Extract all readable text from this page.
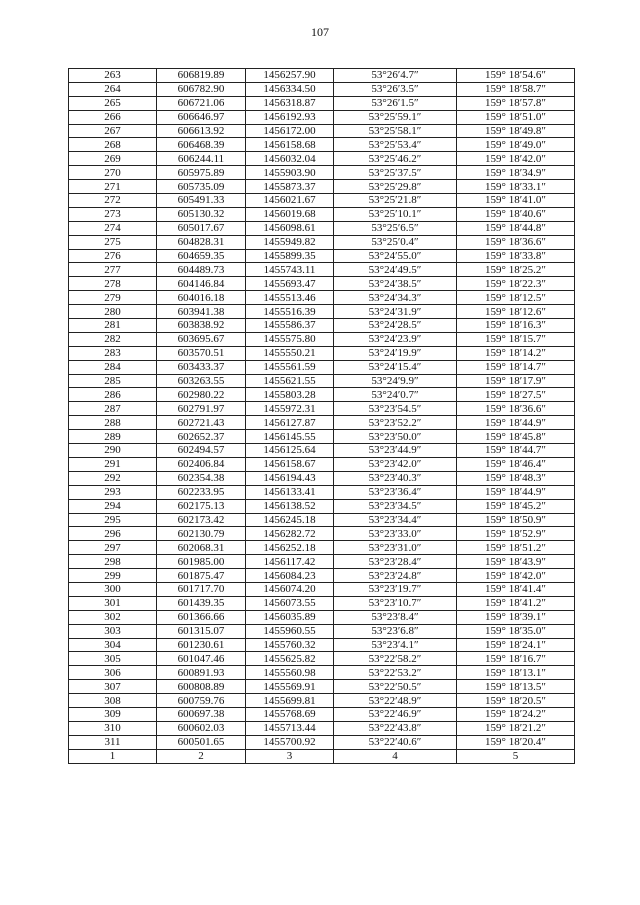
107
263	606819.89	1456257.90	53°26′4.7″	159° 18′54.6″
264	606782.90	1456334.50	53°26′3.5″	159° 18′58.7″
265	606721.06	1456318.87	53°26′1.5″	159° 18′57.8″
266	606646.97	1456192.93	53°25′59.1″	159° 18′51.0″
267	606613.92	1456172.00	53°25′58.1″	159° 18′49.8″
268	606468.39	1456158.68	53°25′53.4″	159° 18′49.0″
269	606244.11	1456032.04	53°25′46.2″	159° 18′42.0″
270	605975.89	1455903.90	53°25′37.5″	159° 18′34.9″
271	605735.09	1455873.37	53°25′29.8″	159° 18′33.1″
272	605491.33	1456021.67	53°25′21.8″	159° 18′41.0″
273	605130.32	1456019.68	53°25′10.1″	159° 18′40.6″
274	605017.67	1456098.61	53°25′6.5″	159° 18′44.8″
275	604828.31	1455949.82	53°25′0.4″	159° 18′36.6″
276	604659.35	1455899.35	53°24′55.0″	159° 18′33.8″
277	604489.73	1455743.11	53°24′49.5″	159° 18′25.2″
278	604146.84	1455693.47	53°24′38.5″	159° 18′22.3″
279	604016.18	1455513.46	53°24′34.3″	159° 18′12.5″
280	603941.38	1455516.39	53°24′31.9″	159° 18′12.6″
281	603838.92	1455586.37	53°24′28.5″	159° 18′16.3″
282	603695.67	1455575.80	53°24′23.9″	159° 18′15.7″
283	603570.51	1455550.21	53°24′19.9″	159° 18′14.2″
284	603433.37	1455561.59	53°24′15.4″	159° 18′14.7″
285	603263.55	1455621.55	53°24′9.9″	159° 18′17.9″
286	602980.22	1455803.28	53°24′0.7″	159° 18′27.5″
287	602791.97	1455972.31	53°23′54.5″	159° 18′36.6″
288	602721.43	1456127.87	53°23′52.2″	159° 18′44.9″
289	602652.37	1456145.55	53°23′50.0″	159° 18′45.8″
290	602494.57	1456125.64	53°23′44.9″	159° 18′44.7″
291	602406.84	1456158.67	53°23′42.0″	159° 18′46.4″
292	602354.38	1456194.43	53°23′40.3″	159° 18′48.3″
293	602233.95	1456133.41	53°23′36.4″	159° 18′44.9″
294	602175.13	1456138.52	53°23′34.5″	159° 18′45.2″
295	602173.42	1456245.18	53°23′34.4″	159° 18′50.9″
296	602130.79	1456282.72	53°23′33.0″	159° 18′52.9″
297	602068.31	1456252.18	53°23′31.0″	159° 18′51.2″
298	601985.00	1456117.42	53°23′28.4″	159° 18′43.9″
299	601875.47	1456084.23	53°23′24.8″	159° 18′42.0″
300	601717.70	1456074.20	53°23′19.7″	159° 18′41.4″
301	601439.35	1456073.55	53°23′10.7″	159° 18′41.2″
302	601366.66	1456035.89	53°23′8.4″	159° 18′39.1″
303	601315.07	1455960.55	53°23′6.8″	159° 18′35.0″
304	601230.61	1455760.32	53°23′4.1″	159° 18′24.1″
305	601047.46	1455625.82	53°22′58.2″	159° 18′16.7″
306	600891.93	1455560.98	53°22′53.2″	159° 18′13.1″
307	600808.89	1455569.91	53°22′50.5″	159° 18′13.5″
308	600759.76	1455699.81	53°22′48.9″	159° 18′20.5″
309	600697.38	1455768.69	53°22′46.9″	159° 18′24.2″
310	600602.03	1455713.44	53°22′43.8″	159° 18′21.2″
311	600501.65	1455700.92	53°22′40.6″	159° 18′20.4″
1	2	3	4	5
